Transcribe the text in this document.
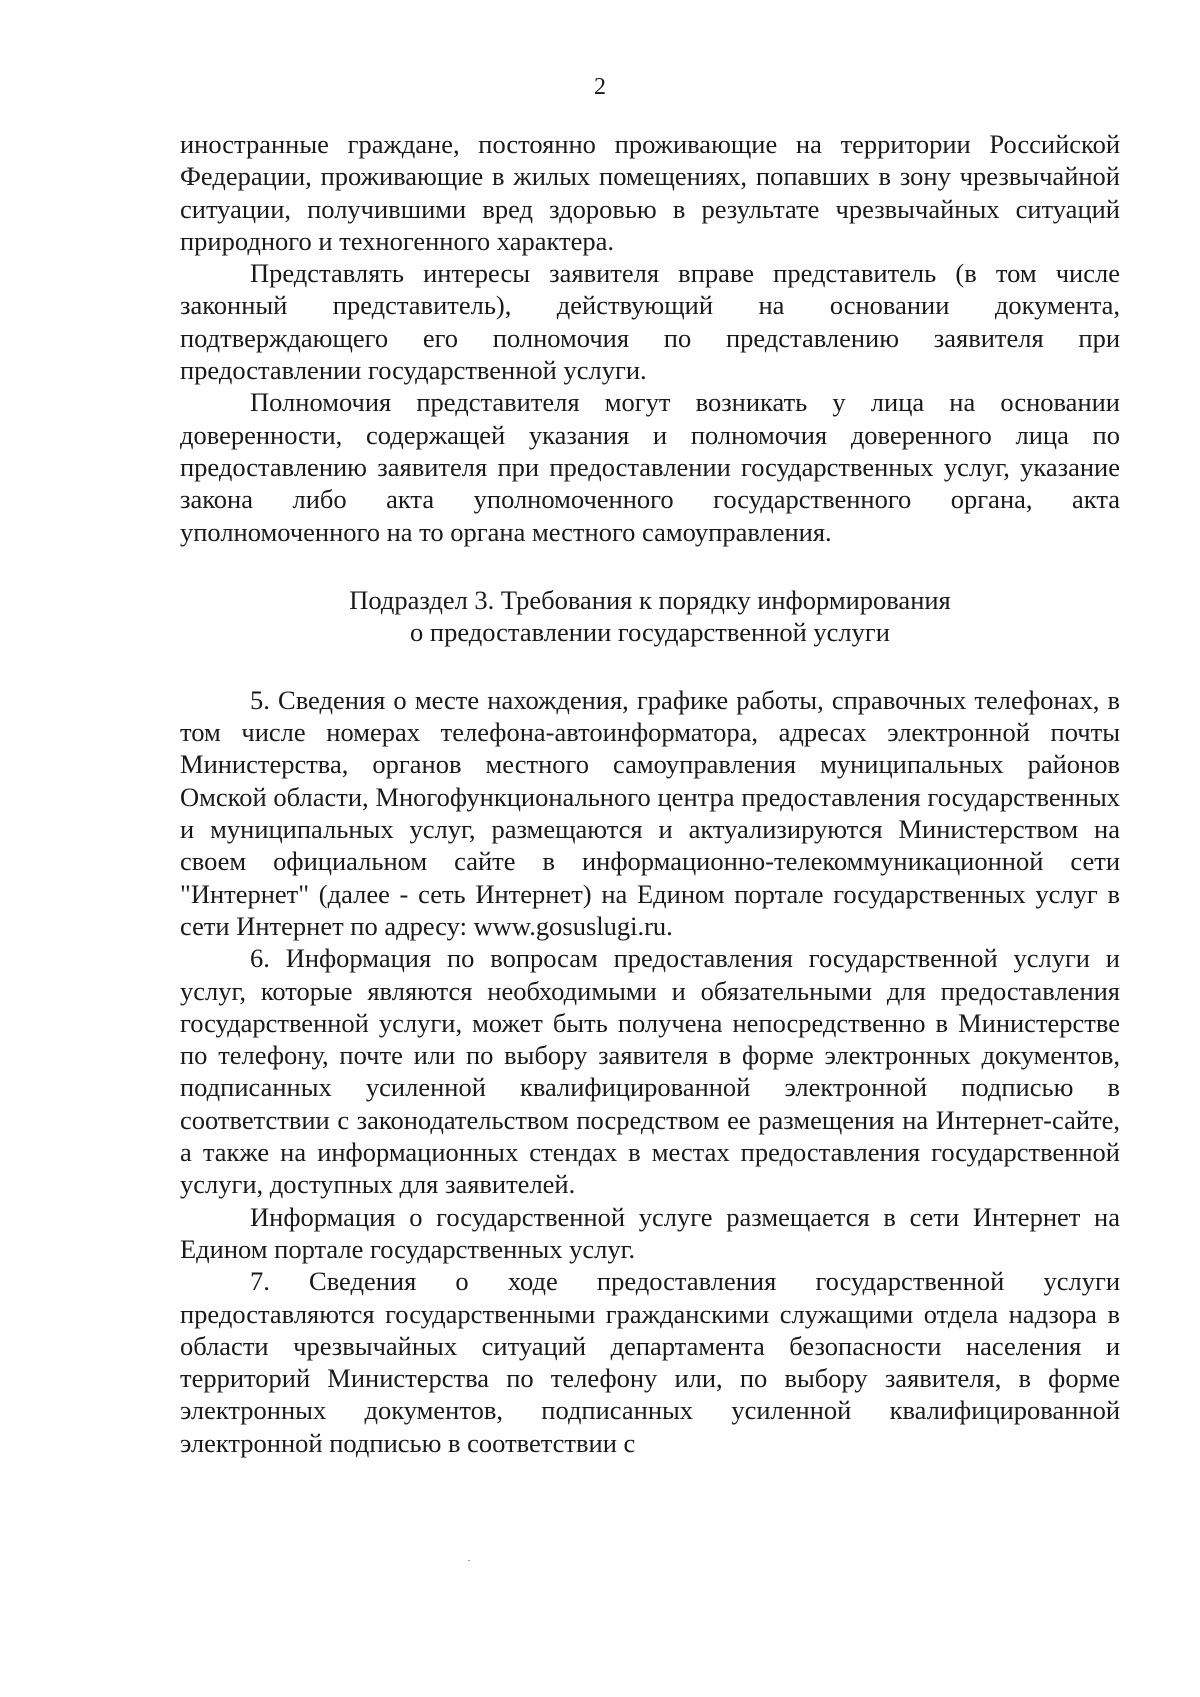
2

иностранные граждане, постоянно проживающие на территории Российской Федерации, проживающие в жилых помещениях, попавших в зону чрезвычайной ситуации, получившими вред здоровью в результате чрезвычайных ситуаций природного и техногенного характера.

Представлять интересы заявителя вправе представитель (в том числе законный представитель), действующий на основании документа, подтверждающего его полномочия по представлению заявителя при предоставлении государственной услуги.

Полномочия представителя могут возникать у лица на основании доверенности, содержащей указания и полномочия доверенного лица по предоставлению заявителя при предоставлении государственных услуг, указание закона либо акта уполномоченного государственного органа, акта уполномоченного на то органа местного самоуправления.

Подраздел 3. Требования к порядку информирования
о предоставлении государственной услуги

5. Сведения о месте нахождения, графике работы, справочных телефонах, в том числе номерах телефона-автоинформатора, адресах электронной почты Министерства, органов местного самоуправления муниципальных районов Омской области, Многофункционального центра предоставления государственных и муниципальных услуг, размещаются и актуализируются Министерством на своем официальном сайте в информационно-телекоммуникационной сети "Интернет" (далее - сеть Интернет) на Едином портале государственных услуг в сети Интернет по адресу: www.gosuslugi.ru.

6. Информация по вопросам предоставления государственной услуги и услуг, которые являются необходимыми и обязательными для предоставления государственной услуги, может быть получена непосредственно в Министерстве по телефону, почте или по выбору заявителя в форме электронных документов, подписанных усиленной квалифицированной электронной подписью в соответствии с законодательством посредством ее размещения на Интернет-сайте, а также на информационных стендах в местах предоставления государственной услуги, доступных для заявителей.

Информация о государственной услуге размещается в сети Интернет на Едином портале государственных услуг.

7. Сведения о ходе предоставления государственной услуги предоставляются государственными гражданскими служащими отдела надзора в области чрезвычайных ситуаций департамента безопасности населения и территорий Министерства по телефону или, по выбору заявителя, в форме электронных документов, подписанных усиленной квалифицированной электронной подписью в соответствии с
